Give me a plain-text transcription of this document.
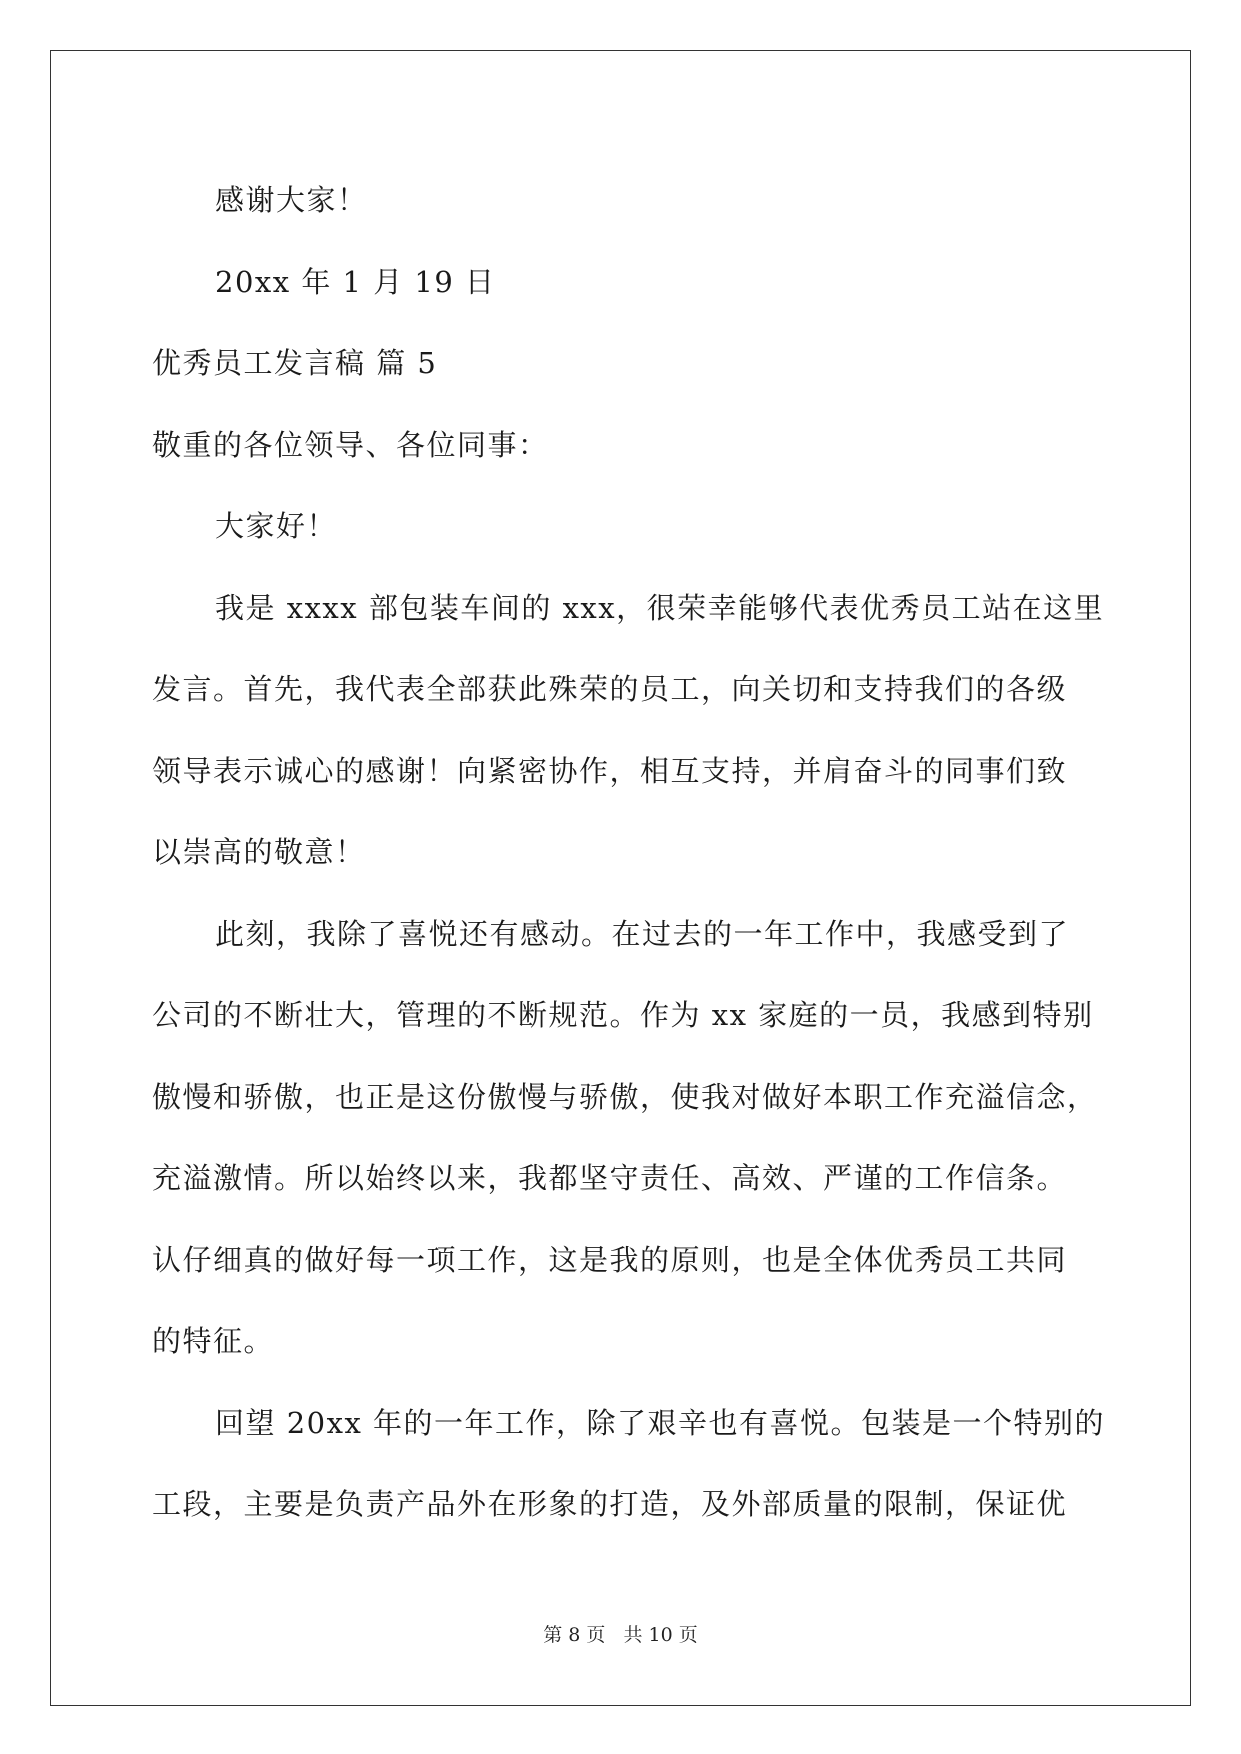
感谢大家！
20xx 年 1 月 19 日
优秀员工发言稿 篇 5
敬重的各位领导、各位同事：
大家好！
我是 xxxx 部包装车间的 xxx，很荣幸能够代表优秀员工站在这里
发言。首先，我代表全部获此殊荣的员工，向关切和支持我们的各级
领导表示诚心的感谢！向紧密协作，相互支持，并肩奋斗的同事们致
以崇高的敬意！
此刻，我除了喜悦还有感动。在过去的一年工作中，我感受到了
公司的不断壮大，管理的不断规范。作为 xx 家庭的一员，我感到特别
傲慢和骄傲，也正是这份傲慢与骄傲，使我对做好本职工作充溢信念，
充溢激情。所以始终以来，我都坚守责任、高效、严谨的工作信条。
认仔细真的做好每一项工作，这是我的原则，也是全体优秀员工共同
的特征。
回望 20xx 年的一年工作，除了艰辛也有喜悦。包装是一个特别的
工段，主要是负责产品外在形象的打造，及外部质量的限制，保证优
第 8 页 共 10 页
